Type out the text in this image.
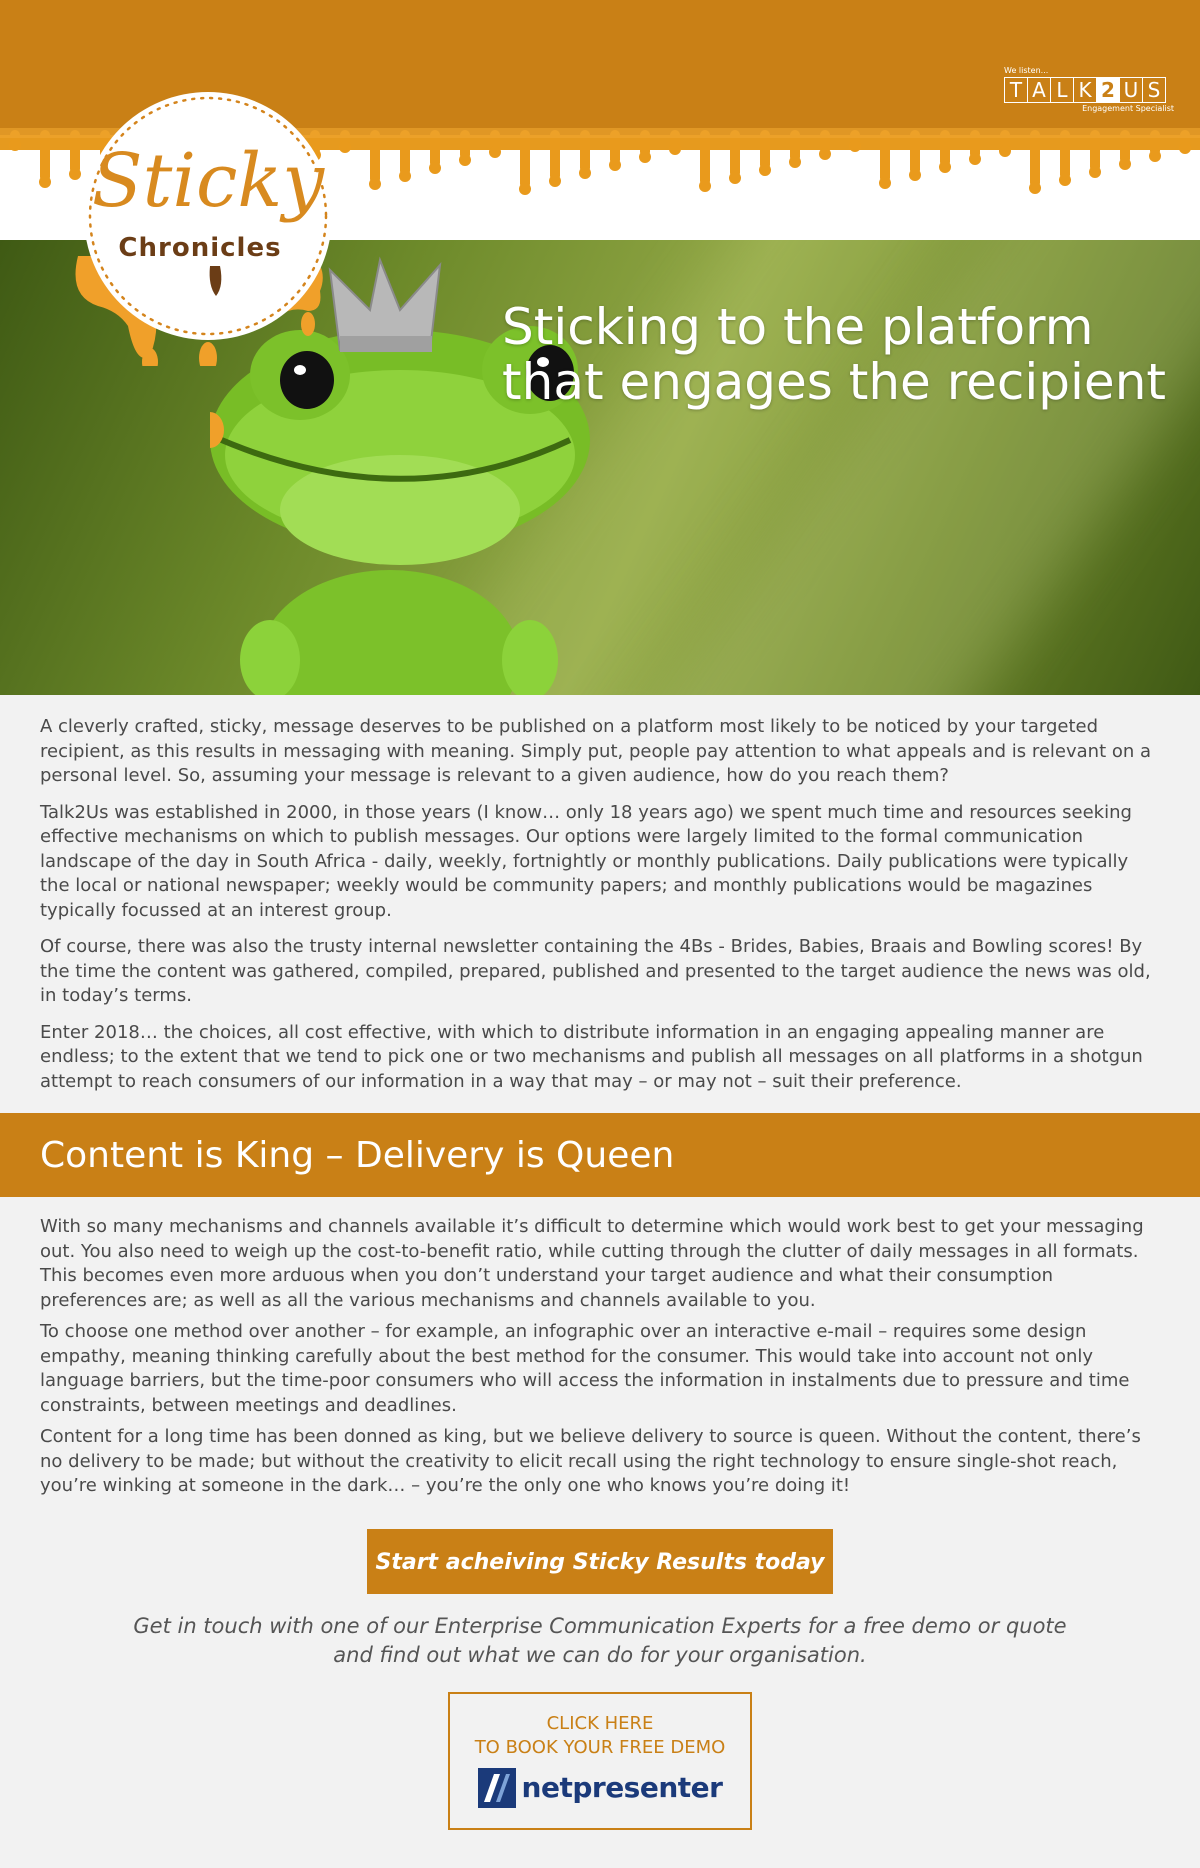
We listen...
T A L K 2 U S
Engagement Specialist
Sticky
Chronicles
Sticking to the platform
that engages the recipient

A cleverly crafted, sticky, message deserves to be published on a platform most likely to be noticed by your targeted recipient, as this results in messaging with meaning. Simply put, people pay attention to what appeals and is relevant on a personal level. So, assuming your message is relevant to a given audience, how do you reach them?

Talk2Us was established in 2000, in those years (I know… only 18 years ago) we spent much time and resources seeking effective mechanisms on which to publish messages. Our options were largely limited to the formal communication landscape of the day in South Africa - daily, weekly, fortnightly or monthly publications. Daily publications were typically the local or national newspaper; weekly would be community papers; and monthly publications would be magazines typically focussed at an interest group.

Of course, there was also the trusty internal newsletter containing the 4Bs - Brides, Babies, Braais and Bowling scores! By the time the content was gathered, compiled, prepared, published and presented to the target audience the news was old, in today’s terms.

Enter 2018… the choices, all cost effective, with which to distribute information in an engaging appealing manner are endless; to the extent that we tend to pick one or two mechanisms and publish all messages on all platforms in a shotgun attempt to reach consumers of our information in a way that may – or may not – suit their preference.

Content is King – Delivery is Queen

With so many mechanisms and channels available it’s difficult to determine which would work best to get your messaging out. You also need to weigh up the cost-to-benefit ratio, while cutting through the clutter of daily messages in all formats. This becomes even more arduous when you don’t understand your target audience and what their consumption preferences are; as well as all the various mechanisms and channels available to you.

To choose one method over another – for example, an infographic over an interactive e-mail – requires some design empathy, meaning thinking carefully about the best method for the consumer. This would take into account not only language barriers, but the time-poor consumers who will access the information in instalments due to pressure and time constraints, between meetings and deadlines.

Content for a long time has been donned as king, but we believe delivery to source is queen. Without the content, there’s no delivery to be made; but without the creativity to elicit recall using the right technology to ensure single-shot reach, you’re winking at someone in the dark… – you’re the only one who knows you’re doing it!

Start acheiving Sticky Results today
Get in touch with one of our Enterprise Communication Experts for a free demo or quote
and find out what we can do for your organisation.
CLICK HERE
TO BOOK YOUR FREE DEMO
netpresenter
